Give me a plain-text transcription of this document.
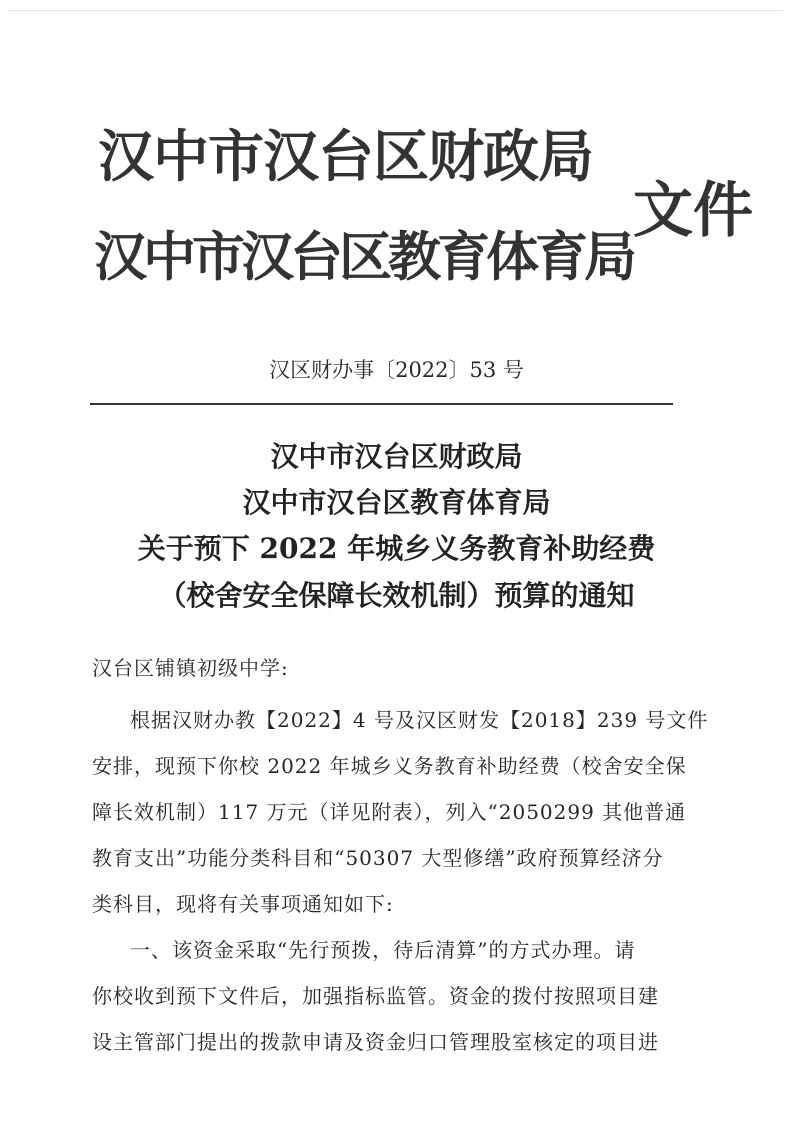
汉中市汉台区财政局
汉中市汉台区教育体育局
文件
汉区财办事〔2022〕53 号
汉中市汉台区财政局
汉中市汉台区教育体育局
关于预下 2022 年城乡义务教育补助经费
（校舍安全保障长效机制）预算的通知
汉台区铺镇初级中学:
根据汉财办教【2022】4 号及汉区财发【2018】239 号文件
安排，现预下你校 2022 年城乡义务教育补助经费（校舍安全保
障长效机制）117 万元（详见附表），列入“2050299 其他普通
教育支出”功能分类科目和“50307 大型修缮”政府预算经济分
类科目，现将有关事项通知如下:
一、该资金采取“先行预拨，待后清算”的方式办理。请
你校收到预下文件后，加强指标监管。资金的拨付按照项目建
设主管部门提出的拨款申请及资金归口管理股室核定的项目进
